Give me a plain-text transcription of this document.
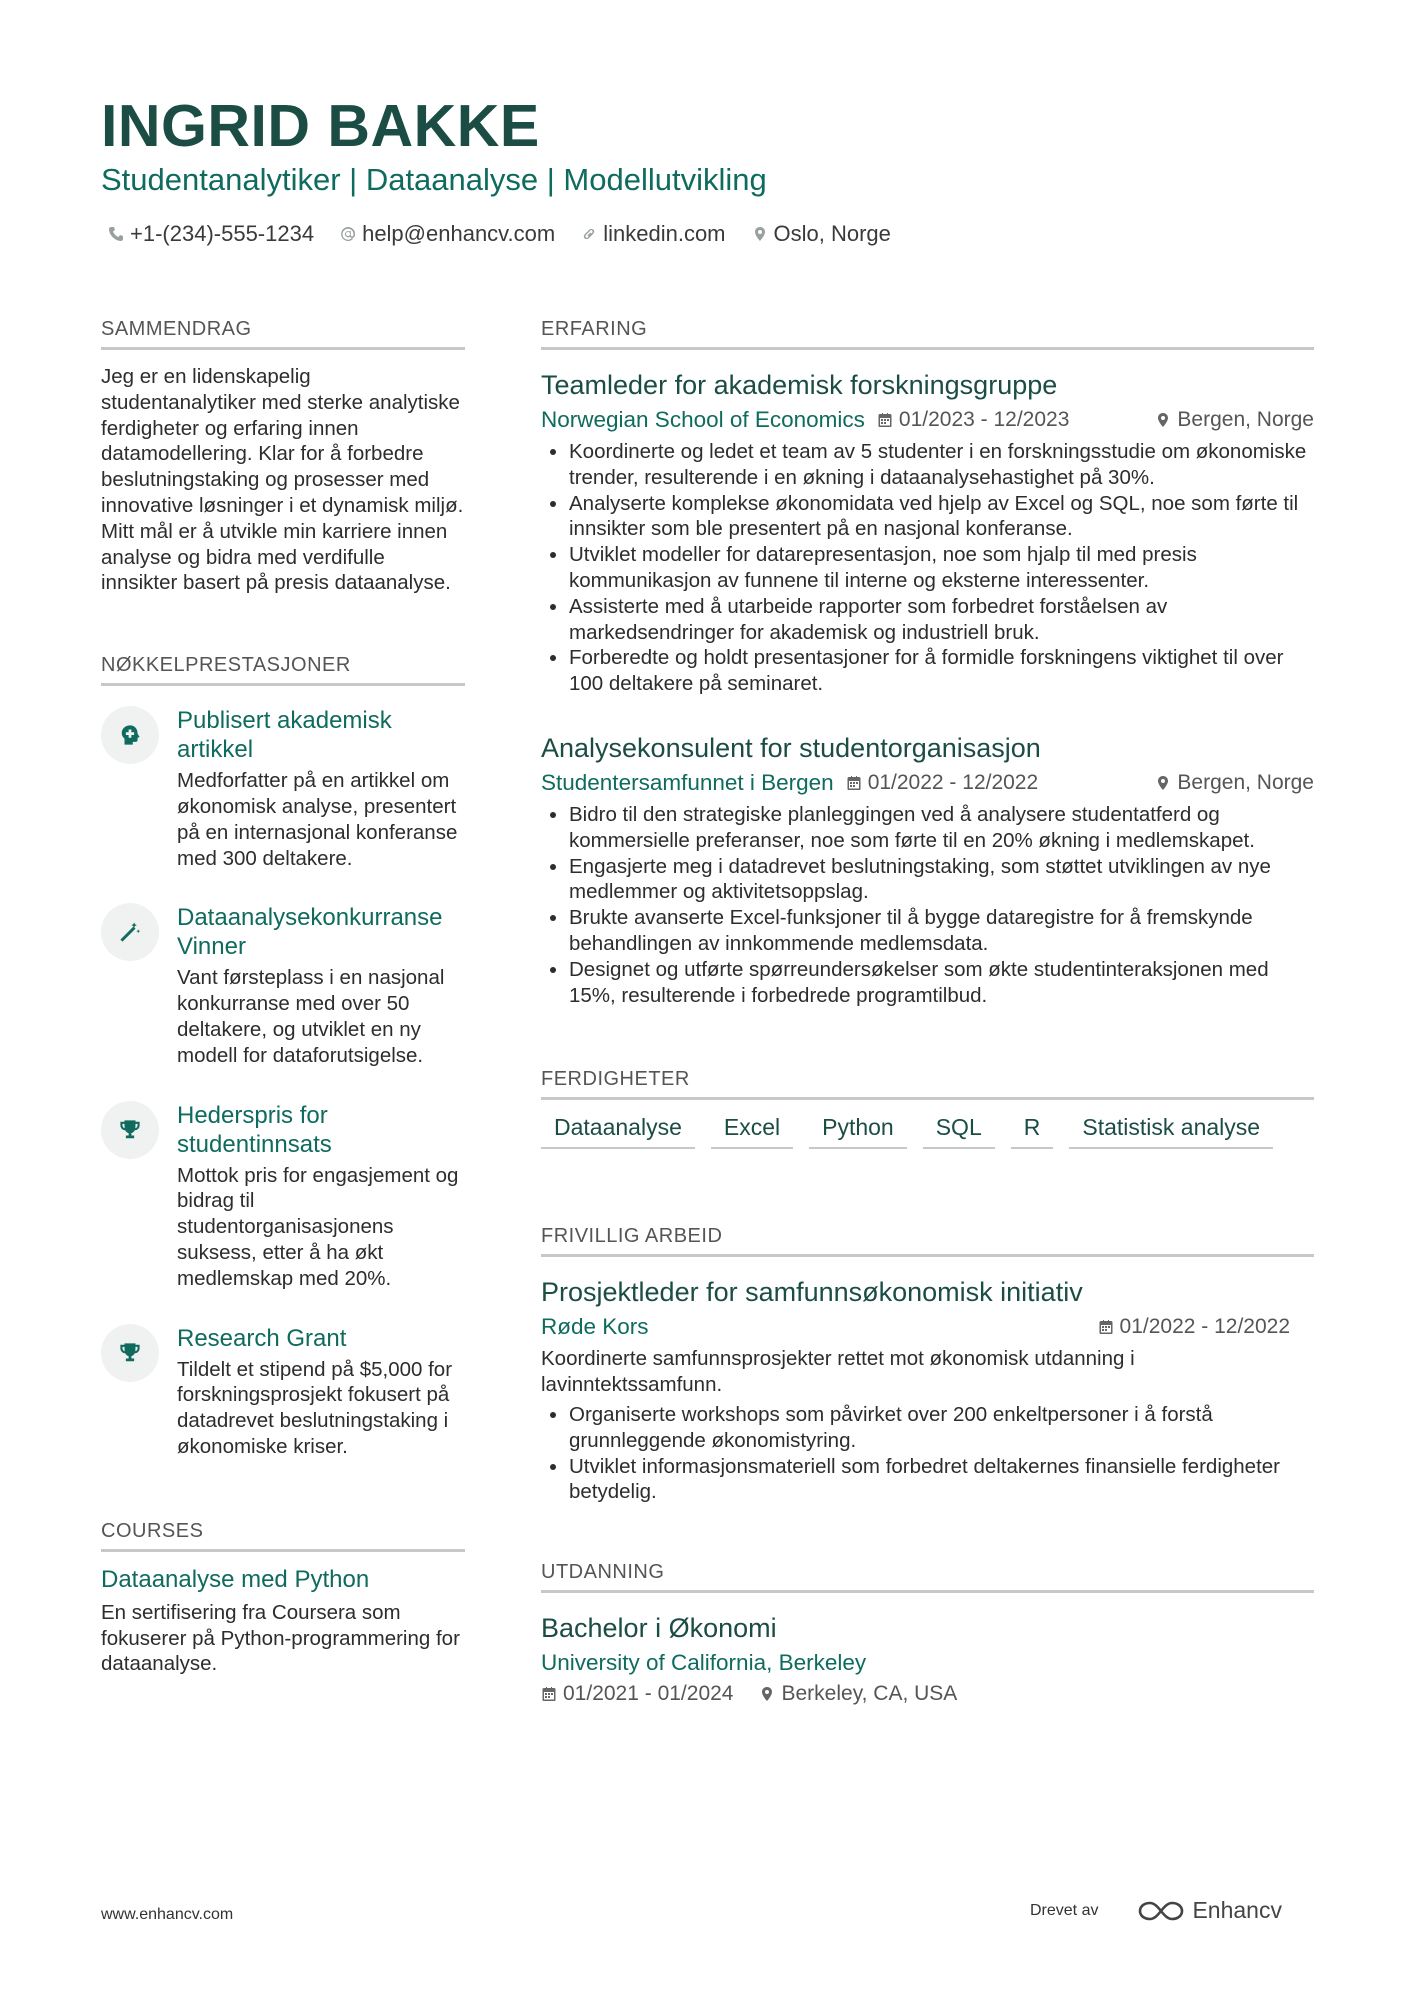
INGRID BAKKE
Studentanalytiker | Dataanalyse | Modellutvikling
+1-(234)-555-1234 help@enhancv.com linkedin.com Oslo, Norge
SAMMENDRAG
Jeg er en lidenskapelig studentanalytiker med sterke analytiske ferdigheter og erfaring innen datamodellering. Klar for å forbedre beslutningstaking og prosesser med innovative løsninger i et dynamisk miljø. Mitt mål er å utvikle min karriere innen analyse og bidra med verdifulle innsikter basert på presis dataanalyse.
NØKKELPRESTASJONER
Publisert akademisk artikkel
Medforfatter på en artikkel om økonomisk analyse, presentert på en internasjonal konferanse med 300 deltakere.
Dataanalysekonkurranse Vinner
Vant førsteplass i en nasjonal konkurranse med over 50 deltakere, og utviklet en ny modell for dataforutsigelse.
Hederspris for studentinnsats
Mottok pris for engasjement og bidrag til studentorganisasjonens suksess, etter å ha økt medlemskap med 20%.
Research Grant
Tildelt et stipend på $5,000 for forskningsprosjekt fokusert på datadrevet beslutningstaking i økonomiske kriser.
COURSES
Dataanalyse med Python
En sertifisering fra Coursera som fokuserer på Python-programmering for dataanalyse.
ERFARING
Teamleder for akademisk forskningsgruppe
Norwegian School of Economics 01/2023 - 12/2023	Bergen, Norge
• Koordinerte og ledet et team av 5 studenter i en forskningsstudie om økonomiske trender, resulterende i en økning i dataanalysehastighet på 30%.
• Analyserte komplekse økonomidata ved hjelp av Excel og SQL, noe som førte til innsikter som ble presentert på en nasjonal konferanse.
• Utviklet modeller for datarepresentasjon, noe som hjalp til med presis kommunikasjon av funnene til interne og eksterne interessenter.
• Assisterte med å utarbeide rapporter som forbedret forståelsen av markedsendringer for akademisk og industriell bruk.
• Forberedte og holdt presentasjoner for å formidle forskningens viktighet til over 100 deltakere på seminaret.
Analysekonsulent for studentorganisasjon
Studentersamfunnet i Bergen 01/2022 - 12/2022	Bergen, Norge
• Bidro til den strategiske planleggingen ved å analysere studentatferd og kommersielle preferanser, noe som førte til en 20% økning i medlemskapet.
• Engasjerte meg i datadrevet beslutningstaking, som støttet utviklingen av nye medlemmer og aktivitetsoppslag.
• Brukte avanserte Excel-funksjoner til å bygge dataregistre for å fremskynde behandlingen av innkommende medlemsdata.
• Designet og utførte spørreundersøkelser som økte studentinteraksjonen med 15%, resulterende i forbedrede programtilbud.
FERDIGHETER
Dataanalyse	Excel	Python	SQL	R	Statistisk analyse
FRIVILLIG ARBEID
Prosjektleder for samfunnsøkonomisk initiativ
Røde Kors	01/2022 - 12/2022
Koordinerte samfunnsprosjekter rettet mot økonomisk utdanning i lavinntektssamfunn.
• Organiserte workshops som påvirket over 200 enkeltpersoner i å forstå grunnleggende økonomistyring.
• Utviklet informasjonsmateriell som forbedret deltakernes finansielle ferdigheter betydelig.
UTDANNING
Bachelor i Økonomi
University of California, Berkeley
01/2021 - 01/2024 Berkeley, CA, USA
www.enhancv.com	Drevet av	Enhancv
